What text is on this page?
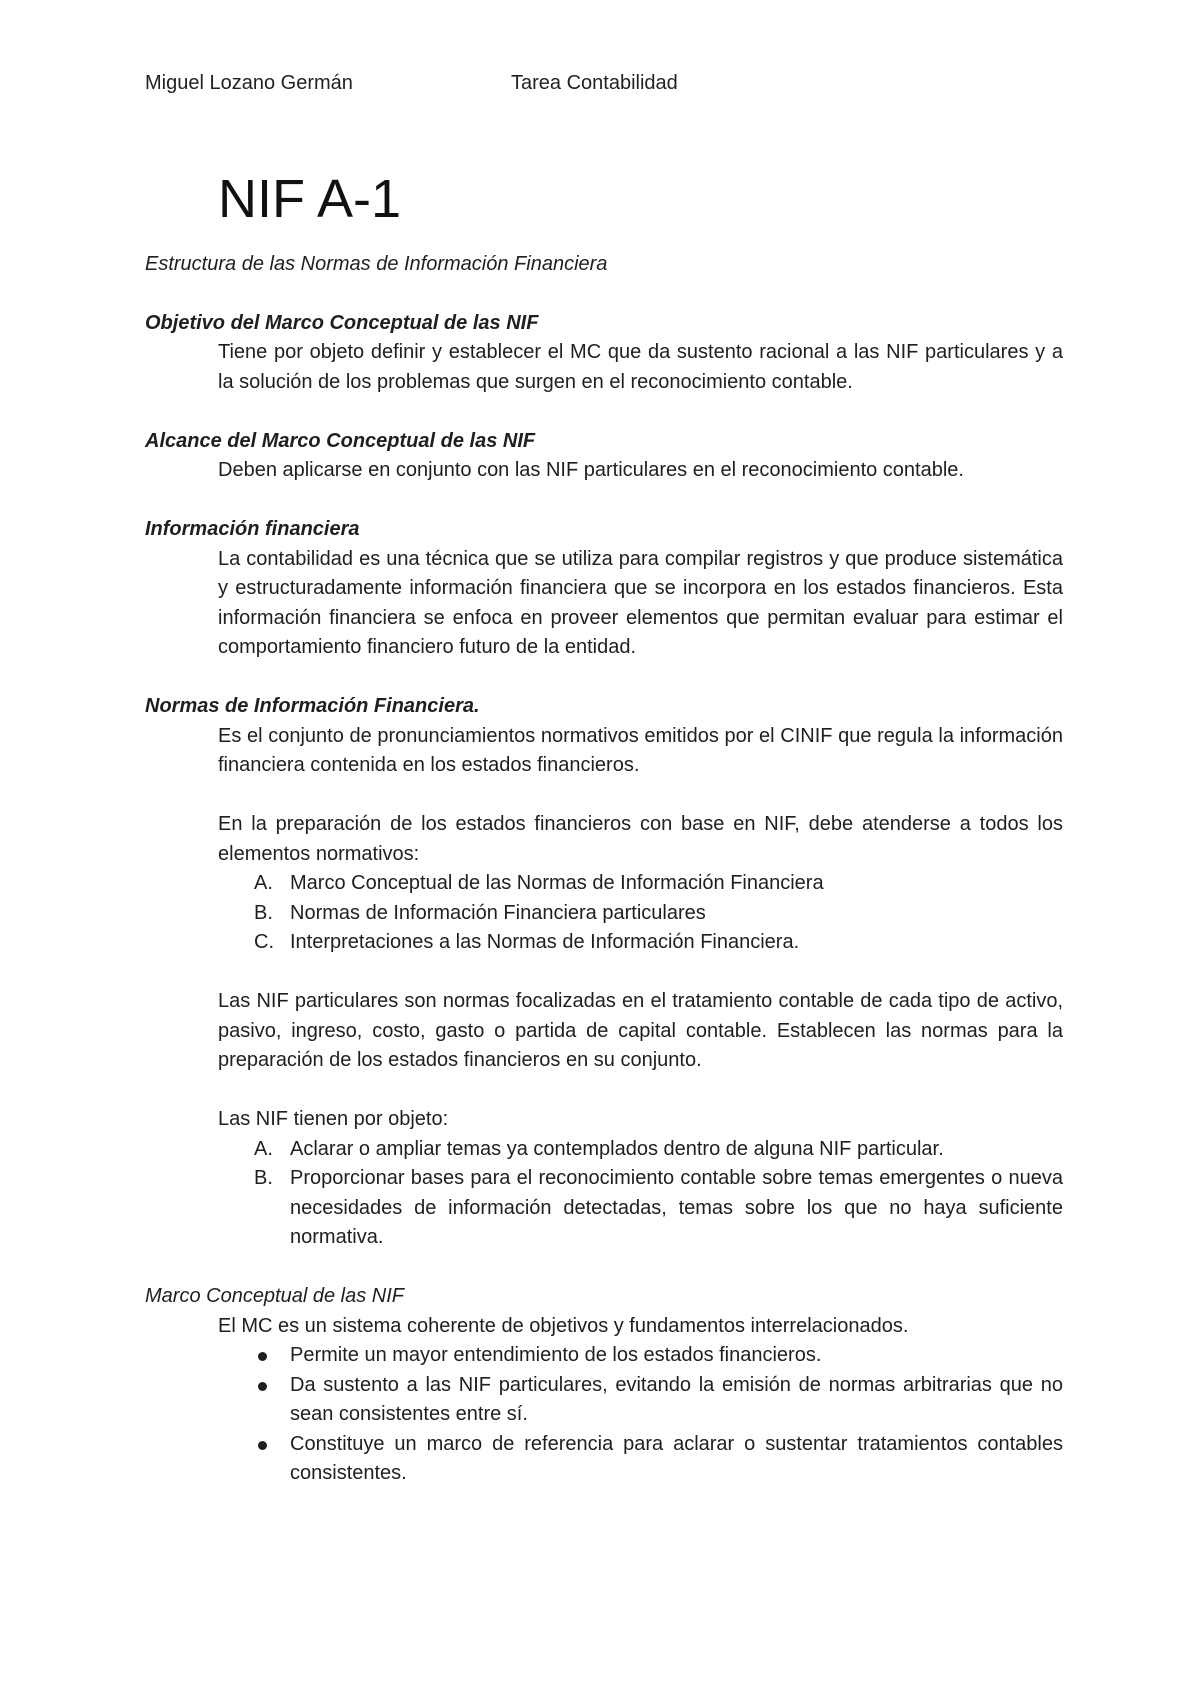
Miguel Lozano Germán	Tarea Contabilidad
NIF A-1

Estructura de las Normas de Información Financiera

Objetivo del Marco Conceptual de las NIF

Tiene por objeto definir y establecer el MC que da sustento racional a las NIF particulares y a la solución de los problemas que surgen en el reconocimiento contable.

Alcance del Marco Conceptual de las NIF

Deben aplicarse en conjunto con las NIF particulares en el reconocimiento contable.

Información financiera

La contabilidad es una técnica que se utiliza para compilar registros y que produce sistemática y estructuradamente información financiera que se incorpora en los estados financieros. Esta información financiera se enfoca en proveer elementos que permitan evaluar para estimar el comportamiento financiero futuro de la entidad.

Normas de Información Financiera.

Es el conjunto de pronunciamientos normativos emitidos por el CINIF que regula la información financiera contenida en los estados financieros.

En la preparación de los estados financieros con base en NIF, debe atenderse a todos los elementos normativos:

A. Marco Conceptual de las Normas de Información Financiera
B. Normas de Información Financiera particulares
C. Interpretaciones a las Normas de Información Financiera.

Las NIF particulares son normas focalizadas en el tratamiento contable de cada tipo de activo, pasivo, ingreso, costo, gasto o partida de capital contable. Establecen las normas para la preparación de los estados financieros en su conjunto.

Las NIF tienen por objeto:

A. Aclarar o ampliar temas ya contemplados dentro de alguna NIF particular.
B. Proporcionar bases para el reconocimiento contable sobre temas emergentes o nueva necesidades de información detectadas, temas sobre los que no haya suficiente normativa.

Marco Conceptual de las NIF

El MC es un sistema coherente de objetivos y fundamentos interrelacionados.

Permite un mayor entendimiento de los estados financieros.
Da sustento a las NIF particulares, evitando la emisión de normas arbitrarias que no sean consistentes entre sí.
Constituye un marco de referencia para aclarar o sustentar tratamientos contables consistentes.
